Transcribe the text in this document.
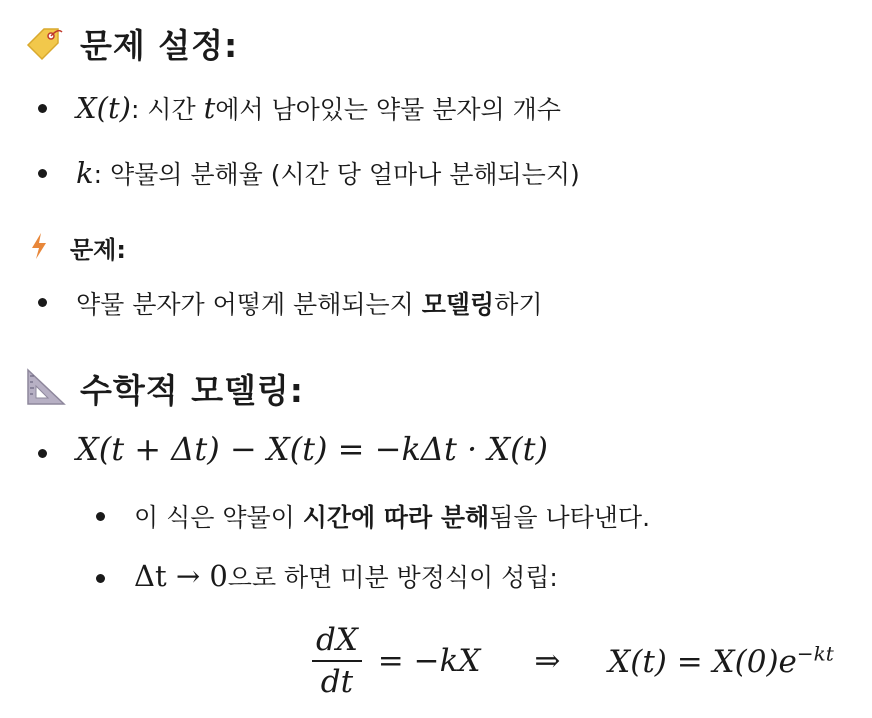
문제 설정:
X(t): 시간 t에서 남아있는 약물 분자의 개수
k: 약물의 분해율 (시간 당 얼마나 분해되는지)
문제:
약물 분자가 어떻게 분해되는지 모델링하기
수학적 모델링:
X(t + Δt) − X(t) = −kΔt · X(t)
이 식은 약물이 시간에 따라 분해됨을 나타낸다.
Δt → 0으로 하면 미분 방정식이 성립:
$\frac{dX}{dt} = -kX$ ⇒ $X(t) = X(0)e^{-kt}$
